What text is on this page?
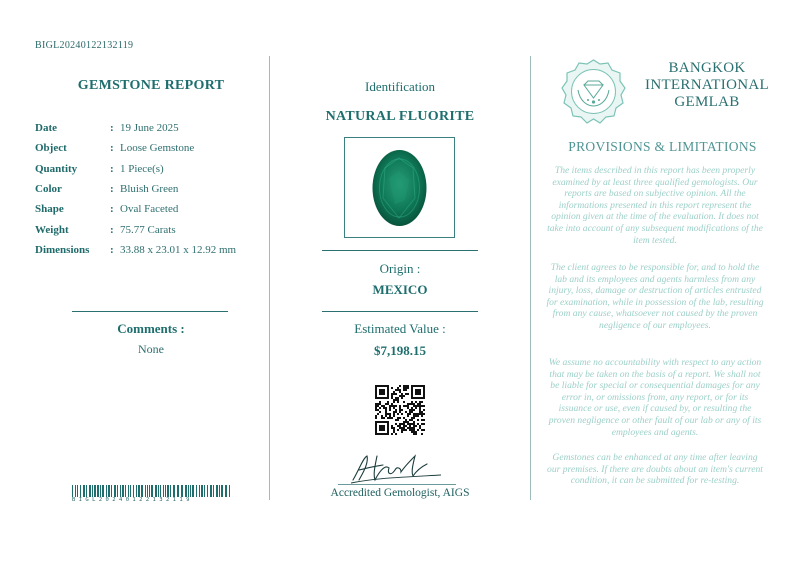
BIGL20240122132119
GEMSTONE REPORT
Date	: 19 June 2025
Object	: Loose Gemstone
Quantity	: 1 Piece(s)
Color	: Bluish Green
Shape	: Oval Faceted
Weight	: 75.77 Carats
Dimensions	: 33.88 x 23.01 x 12.92 mm
Comments :
None
BIGL20240122132119
Identification
NATURAL FLUORITE
Origin :
MEXICO
Estimated Value :
$7,198.15
Accredited Gemologist, AIGS
BANGKOK
INTERNATIONAL
GEMLAB
PROVISIONS & LIMITATIONS
The items described in this report has been properly examined by at least three qualified gemologists. Our reports are based on subjective opinion. All the informations presented in this report represent the opinion given at the time of the evaluation. It does not take into account of any subsequent modifications of the item tested.
The client agrees to be responsible for, and to hold the lab and its employees and agents harmless from any injury, loss, damage or destruction of articles entrusted for examination, while in possession of the lab, resulting from any cause, whatsoever not caused by the proven negligence of our employees.
We assume no accountability with respect to any action that may be taken on the basis of a report. We shall not be liable for special or consequential damages for any error in, or omissions from, any report, or for its issuance or use, even if caused by, or resulting the proven negligence or other fault of our lab or any of its employees and agents.
Gemstones can be enhanced at any time after leaving our premises. If there are doubts about an item's current condition, it can be submitted for re-testing.
